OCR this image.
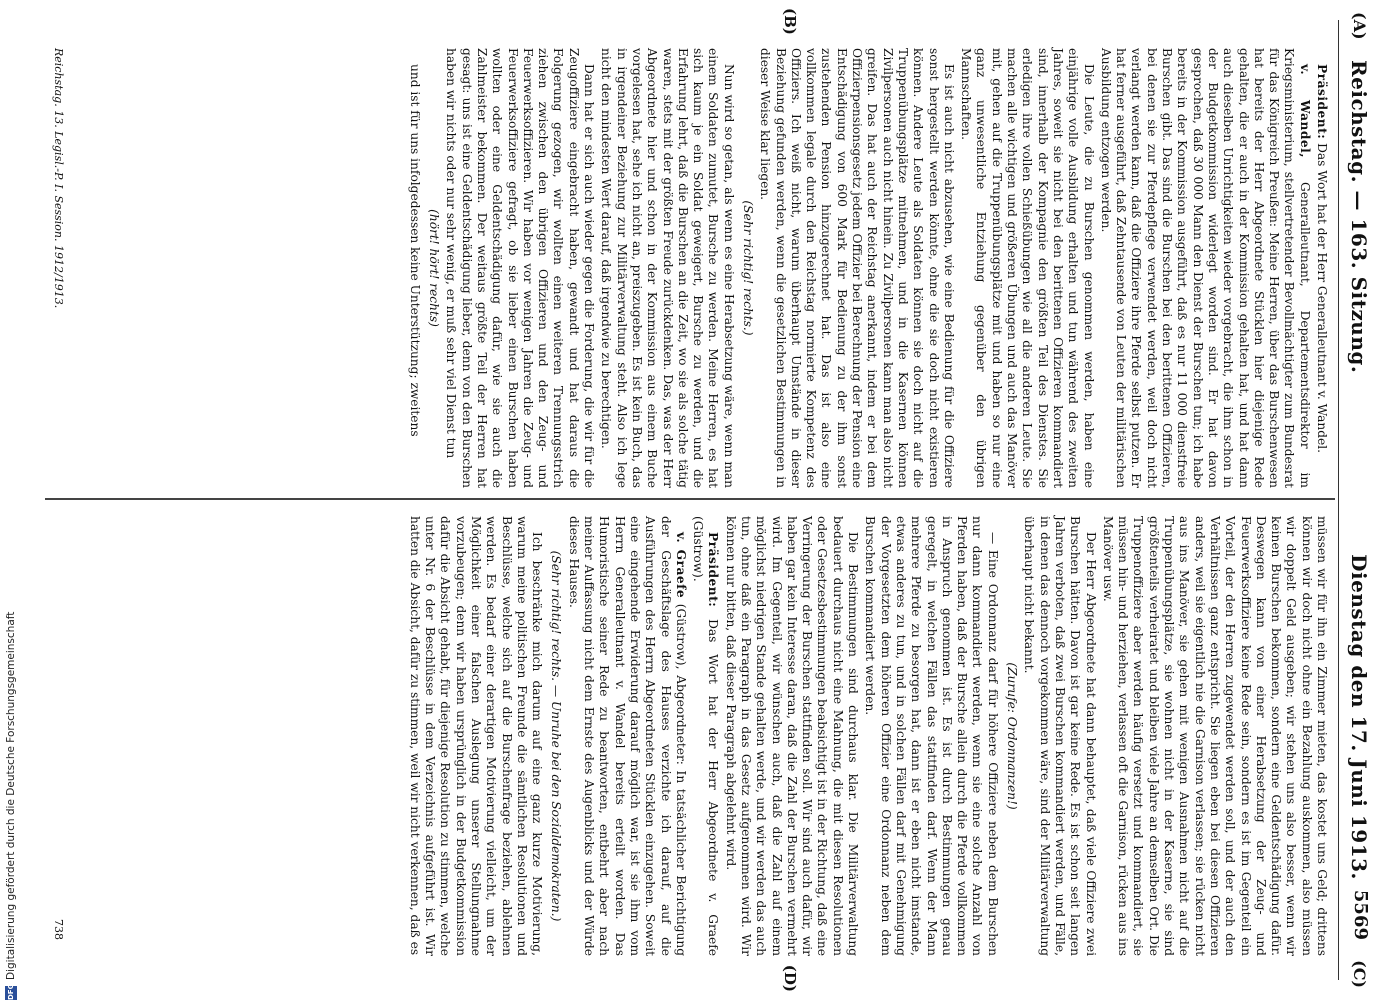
(A)
Reichstag. — 163. Sitzung.
Dienstag den 17. Juni 1913.
5569
(C)
(B)
(D)

Präsident: Das Wort hat der Herr Generalleutnant v. Wandel.

v. Wandel, Generalleutnant, Departementsdirektor im Kriegsministerium, stellvertretender Bevollmächtigter zum Bundesrat für das Königreich Preußen: Meine Herren, über das Burschenwesen hat bereits der Herr Abgeordnete Stücklen hier diejenige Rede gehalten, die er auch in der Kommission gehalten hat, und hat dann auch dieselben Unrichtigkeiten wieder vorgebracht, die ihm schon in der Budgetkommission widerlegt worden sind. Er hat davon gesprochen, daß 30 000 Mann den Dienst der Burschen tun; ich habe bereits in der Kommission ausgeführt, daß es nur 11 000 dienstfreie Burschen gibt. Das sind die Burschen bei den berittenen Offizieren, bei denen sie zur Pferdepflege verwendet werden, weil doch nicht verlangt werden kann, daß die Offiziere ihre Pferde selbst putzen. Er hat ferner ausgeführt, daß Zehntausende von Leuten der militärischen Ausbildung entzogen werden.

Die Leute, die zu Burschen genommen werden, haben eine einjährige volle Ausbildung erhalten und tun während des zweiten Jahres, soweit sie nicht bei den berittenen Offizieren kommandiert sind, innerhalb der Kompagnie den größten Teil des Dienstes. Sie erledigen ihre vollen Schießübungen wie all die anderen Leute. Sie machen alle wichtigen und größeren Übungen und auch das Manöver mit, gehen auf die Truppenübungsplätze mit und haben so nur eine ganz unwesentliche Entziehung gegenüber den übrigen Mannschaften.

Es ist auch nicht abzusehen, wie eine Bedienung für die Offiziere sonst hergestellt werden könnte, ohne die sie doch nicht existieren können. Andere Leute als Soldaten können sie doch nicht auf die Truppenübungsplätze mitnehmen, und in die Kasernen können Zivilpersonen auch nicht hinein. Zu Zivilpersonen kann man also nicht greifen. Das hat auch der Reichstag anerkannt, indem er bei dem Offizierpensionsgesetz jedem Offizier bei Berechnung der Pension eine Entschädigung von 600 Mark für Bedienung zu der ihm sonst zustehenden Pension hinzugerechnet hat. Das ist also eine vollkommen legale durch den Reichstag normierte Kompetenz des Offiziers. Ich weiß nicht, warum überhaupt Umstände in dieser Beziehung gefunden werden, wenn die gesetzlichen Bestimmungen in dieser Weise klar liegen.

(Sehr richtig! rechts.)

Nun wird so getan, als wenn es eine Herabsetzung wäre, wenn man einem Soldaten zumutet, Bursche zu werden. Meine Herren, es hat sich kaum je ein Soldat geweigert, Bursche zu werden, und die Erfahrung lehrt, daß die Burschen an die Zeit, wo sie als solche tätig waren, stets mit der größten Freude zurückdenken. Das, was der Herr Abgeordnete hier und schon in der Kommission aus einem Buche vorgelesen hat, sehe ich nicht an, preiszugeben. Es ist kein Buch, das in irgendeiner Beziehung zur Militärverwaltung steht. Also ich lege nicht den mindesten Wert darauf, daß irgendwie zu berechtigen.

Dann hat er sich auch wieder gegen die Forderung, die wir für die Zeugoffiziere eingebracht haben, gewandt und hat daraus die Folgerung gezogen, wir wollten einen weiteren Trennungsstrich ziehen zwischen den übrigen Offizieren und den Zeug- und Feuerwerksoffizieren. Wir haben vor wenigen Jahren die Zeug- und Feuerwerksoffiziere gefragt, ob sie lieber einen Burschen haben wollten oder eine Geldentschädigung dafür, wie sie auch die Zahlmeister bekommen. Der weitaus größte Teil der Herren hat gesagt: uns ist eine Geldentschädigung lieber, denn von den Burschen haben wir nichts oder nur sehr wenig, er muß sehr viel Dienst tun

(hört! hört! rechts)

und ist für uns infolgedessen keine Unterstützung; zweitens

müssen wir für ihn ein Zimmer mieten, das kostet uns Geld; drittens können wir doch nicht ohne ein Bezahlung auskommen, also müssen wir doppelt Geld ausgeben; wir stehen uns also besser, wenn wir keinen Burschen bekommen, sondern eine Geldentschädigung dafür. Deswegen kann von einer Herabsetzung der Zeug- und Feuerwerksoffiziere keine Rede sein, sondern es ist im Gegenteil ein Vorteil, der den Herren zugewendet werden soll, und der auch den Verhältnissen ganz entspricht. Sie liegen eben bei diesen Offizieren anders, weil sie eigentlich nie die Garnison verlassen; sie rücken nicht aus ins Manöver, sie gehen mit wenigen Ausnahmen nicht auf die Truppenübungsplätze, sie wohnen nicht in der Kaserne, sie sind größtenteils verheiratet und bleiben viele Jahre an demselben Ort. Die Truppenoffiziere aber werden häufig versetzt und kommandiert, sie müssen hin- und herziehen, verlassen oft die Garnison, rücken aus ins Manöver usw.

Der Herr Abgeordnete hat dann behauptet, daß viele Offiziere zwei Burschen hätten. Davon ist gar keine Rede. Es ist schon seit langen Jahren verboten, daß zwei Burschen kommandiert werden, und Fälle, in denen das dennoch vorgekommen wäre, sind der Militärverwaltung überhaupt nicht bekannt.

(Zurufe: Ordonnanzen!)

— Eine Ordonnanz darf für höhere Offiziere neben dem Burschen nur dann kommandiert werden, wenn sie eine solche Anzahl von Pferden haben, daß der Bursche allein durch die Pferde vollkommen in Anspruch genommen ist. Es ist durch Bestimmungen genau geregelt, in welchen Fällen das stattfinden darf. Wenn der Mann mehrere Pferde zu besorgen hat, dann ist er eben nicht imstande, etwas anderes zu tun, und in solchen Fällen darf mit Genehmigung der Vorgesetzten dem höheren Offizier eine Ordonnanz neben dem Burschen kommandiert werden.

Die Bestimmungen sind durchaus klar. Die Militärverwaltung bedauert durchaus nicht eine Mahnung, die mit diesen Resolutionen oder Gesetzesbestimmungen beabsichtigt ist in der Richtung, daß eine Verringerung der Burschen stattfinden soll. Wir sind auch dafür, wir haben gar kein Interesse daran, daß die Zahl der Burschen vermehrt wird. Im Gegenteil, wir wünschen auch, daß die Zahl auf einem möglichst niedrigen Stande gehalten werde, und wir werden das auch tun, ohne daß ein Paragraph in das Gesetz aufgenommen wird. Wir können nur bitten, daß dieser Paragraph abgelehnt wird.

Präsident: Das Wort hat der Herr Abgeordnete v. Graefe (Güstrow).

v. Graefe (Güstrow), Abgeordneter: In tatsächlicher Berichtigung der Geschäftslage des Hauses verzichte ich darauf, auf die Ausführungen des Herrn Abgeordneten Stücklen einzugehen. Soweit eine eingehende Erwiderung darauf möglich war, ist sie ihm vom Herrn Generalleutnant v. Wandel bereits erteilt worden. Das Humoristische seiner Rede zu beantworten, entbehrt aber nach meiner Auffassung nicht dem Ernste des Augenblicks und der Würde dieses Hauses.

(Sehr richtig! rechts. — Unruhe bei den Sozialdemokraten.)

Ich beschränke mich darum auf eine ganz kurze Motivierung, warum meine politischen Freunde die sämtlichen Resolutionen und Beschlüsse, welche sich auf die Burschenfrage beziehen, ablehnen werden. Es bedarf einer derartigen Motivierung vielleicht, um der Möglichkeit einer falschen Auslegung unserer Stellungnahme vorzubeugen; denn wir haben ursprünglich in der Budgetkommission dafür die Absicht gehabt, für diejenige Resolution zu stimmen, welche unter Nr. 6 der Beschlüsse in dem Verzeichnis aufgeführt ist. Wir hatten die Absicht, dafür zu stimmen, weil wir nicht verkennen, daß es

Reichstag. 13. Legisl.-P. I. Session. 1912/1913.
738
DFGDigitalisierung gefördert durch die Deutsche Forschungsgemeinschaft
